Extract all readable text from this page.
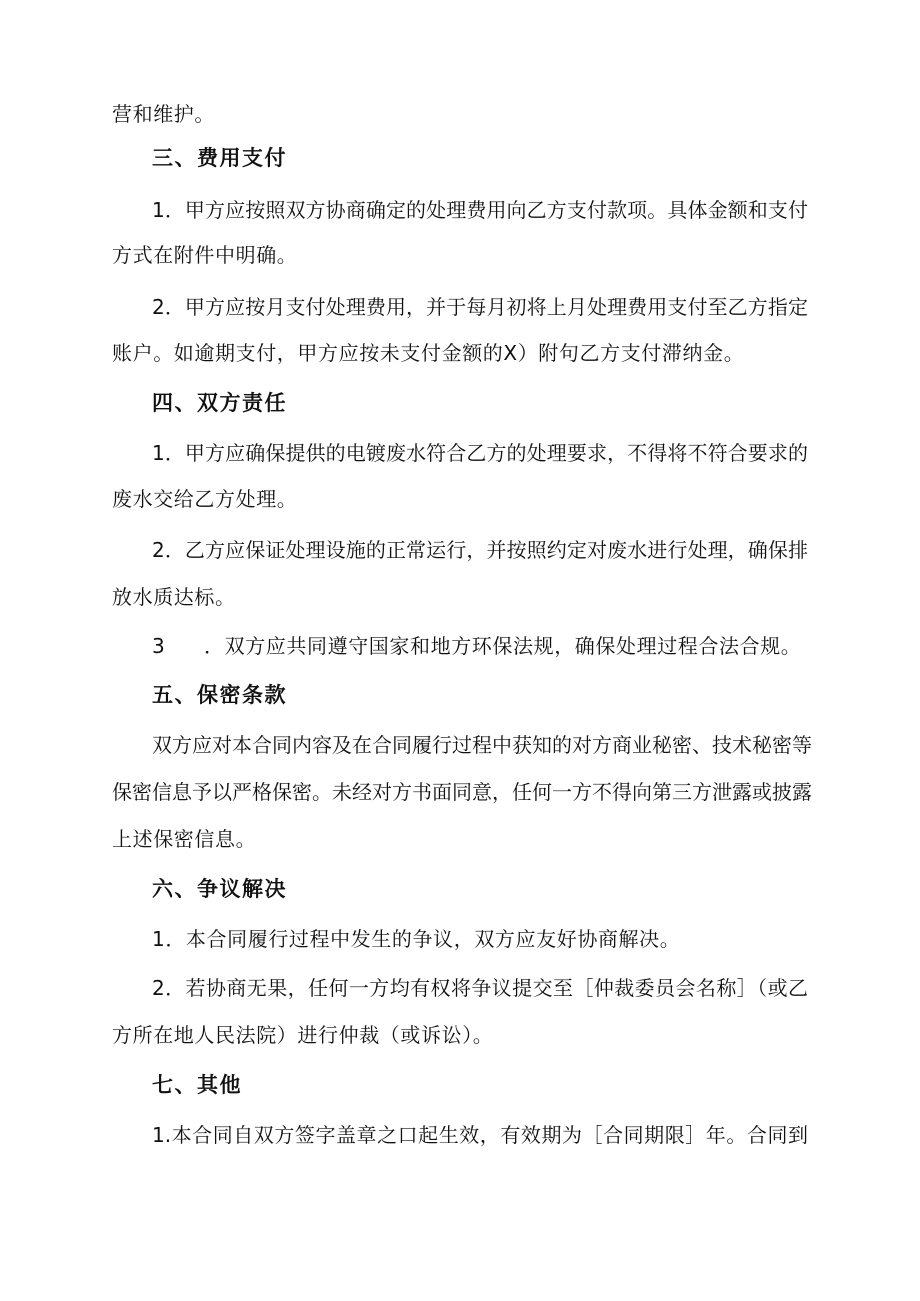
营和维护。
三、费用支付
1．甲方应按照双方协商确定的处理费用向乙方支付款项。具体金额和支付
方式在附件中明确。
2．甲方应按月支付处理费用，并于每月初将上月处理费用支付至乙方指定
账户。如逾期支付，甲方应按未支付金额的X）附句乙方支付滞纳金。
四、双方责任
1．甲方应确保提供的电镀废水符合乙方的处理要求，不得将不符合要求的
废水交给乙方处理。
2．乙方应保证处理设施的正常运行，并按照约定对废水进行处理，确保排
放水质达标。
3 ．双方应共同遵守国家和地方环保法规，确保处理过程合法合规。
五、保密条款
双方应对本合同内容及在合同履行过程中获知的对方商业秘密、技术秘密等
保密信息予以严格保密。未经对方书面同意，任何一方不得向第三方泄露或披露
上述保密信息。
六、争议解决
1．本合同履行过程中发生的争议，双方应友好协商解决。
2．若协商无果，任何一方均有权将争议提交至［仲裁委员会名称］（或乙
方所在地人民法院）进行仲裁（或诉讼）。
七、其他
1.本合同自双方签字盖章之口起生效，有效期为［合同期限］年。合同到
